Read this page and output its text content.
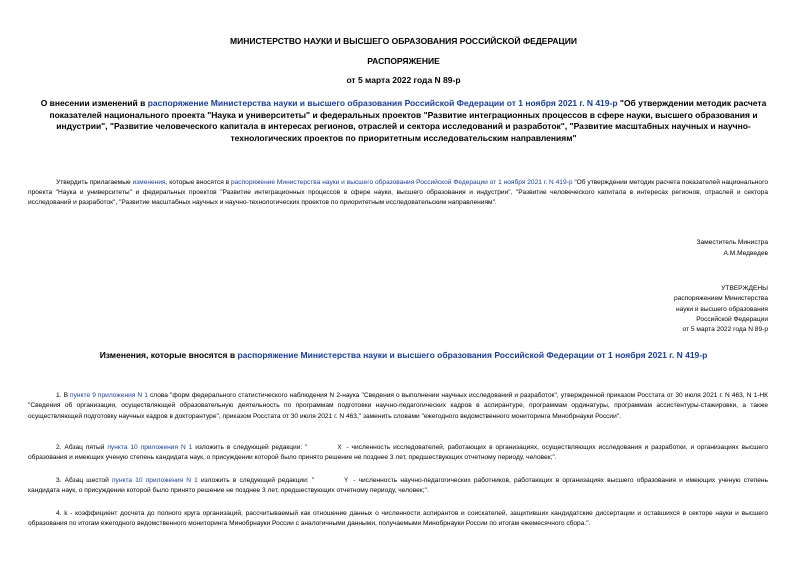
МИНИСТЕРСТВО НАУКИ И ВЫСШЕГО ОБРАЗОВАНИЯ РОССИЙСКОЙ ФЕДЕРАЦИИ
РАСПОРЯЖЕНИЕ
от 5 марта 2022 года N 89-р
О внесении изменений в распоряжение Министерства науки и высшего образования Российской Федерации от 1 ноября 2021 г. N 419-р "Об утверждении методик расчета показателей национального проекта "Наука и университеты" и федеральных проектов "Развитие интеграционных процессов в сфере науки, высшего образования и индустрии", "Развитие человеческого капитала в интересах регионов, отраслей и сектора исследований и разработок", "Развитие масштабных научных и научно-технологических проектов по приоритетным исследовательским направлениям"
Утвердить прилагаемые изменения, которые вносятся в распоряжение Министерства науки и высшего образования Российской Федерации от 1 ноября 2021 г. N 419-р "Об утверждении методик расчета показателей национального проекта "Наука и университеты" и федеральных проектов "Развитие интеграционных процессов в сфере науки, высшего образования и индустрии", "Развитие человеческого капитала в интересах регионов, отраслей и сектора исследований и разработок", "Развитие масштабных научных и научно-технологических проектов по приоритетным исследовательским направлениям".
Заместитель Министра
А.М.Медведев
УТВЕРЖДЕНЫ
распоряжением Министерства
науки и высшего образования
Российской Федерации
от 5 марта 2022 года N 89-р
Изменения, которые вносятся в распоряжение Министерства науки и высшего образования Российской Федерации от 1 ноября 2021 г. N 419-р
1. В пункте 9 приложения N 1 слова "форм федерального статистического наблюдения N 2-наука "Сведения о выполнении научных исследований и разработок", утвержденной приказом Росстата от 30 июля 2021 г. N 463, N 1-НК "Сведения об организации, осуществляющей образовательную деятельность по программам подготовки научно-педагогических кадров в аспирантуре, программам ординатуры, программам ассистентуры-стажировки, а также осуществляющей подготовку научных кадров в докторантуре", приказом Росстата от 30 июля 2021 г. N 463," заменить словами "ежегодного ведомственного мониторинга Минобрнауки России".
2. Абзац пятый пункта 10 приложения N 1 изложить в следующей редакции: "	X - численность исследователей, работающих в организациях, осуществляющих исследования и разработки, и организациях высшего образования и имеющих ученую степень кандидата наук, о присуждении которой было принято решение не позднее 3 лет, предшествующих отчетному периоду, человек;".
3. Абзац шестой пункта 10 приложения N 1 изложить в следующей редакции: "	Y - численность научно-педагогических работников, работающих в организациях высшего образования и имеющих ученую степень кандидата наук, о присуждении которой было принято решение не позднее 3 лет, предшествующих отчетному периоду, человек;".
4. k - коэффициент досчета до полного круга организаций, рассчитываемый как отношение данных о численности аспирантов и соискателей, защитивших кандидатские диссертации и оставшихся в секторе науки и высшего образования по итогам ежегодного ведомственного мониторинга Минобрнауки России с аналогичными данными, получаемыми Минобрнауки России по итогам ежемесячного сбора.".
